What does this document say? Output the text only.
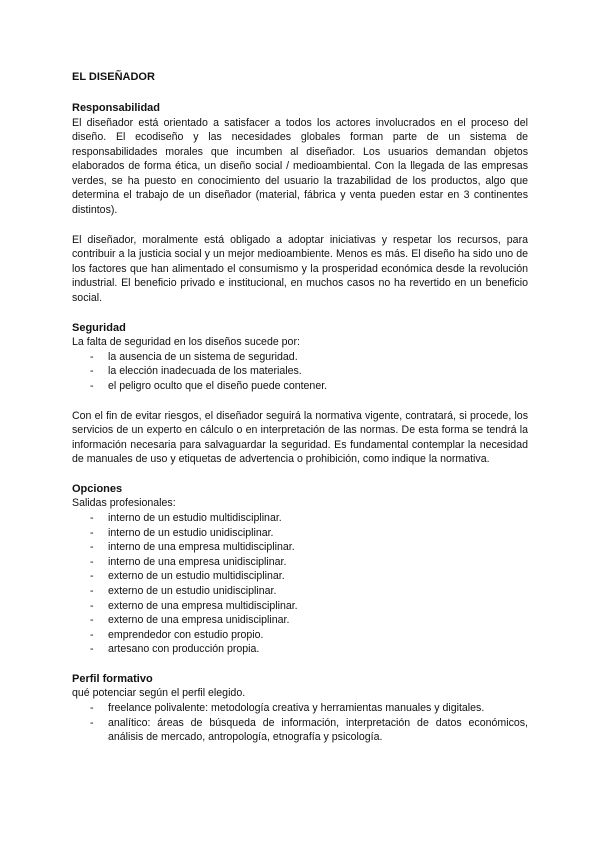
EL DISEÑADOR

Responsabilidad

El diseñador está orientado a satisfacer a todos los actores involucrados en el proceso del diseño. El ecodiseño y las necesidades globales forman parte de un sistema de responsabilidades morales que incumben al diseñador. Los usuarios demandan objetos elaborados de forma ética, un diseño social / medioambiental. Con la llegada de las empresas verdes, se ha puesto en conocimiento del usuario la trazabilidad de los productos, algo que determina el trabajo de un diseñador (material, fábrica y venta pueden estar en 3 continentes distintos).

El diseñador, moralmente está obligado a adoptar iniciativas y respetar los recursos, para contribuir a la justicia social y un mejor medioambiente. Menos es más. El diseño ha sido uno de los factores que han alimentado el consumismo y la prosperidad económica desde la revolución industrial. El beneficio privado e institucional, en muchos casos no ha revertido en un beneficio social.

Seguridad

La falta de seguridad en los diseños sucede por:

- la ausencia de un sistema de seguridad.
- la elección inadecuada de los materiales.
- el peligro oculto que el diseño puede contener.

Con el fin de evitar riesgos, el diseñador seguirá la normativa vigente, contratará, si procede, los servicios de un experto en cálculo o en interpretación de las normas. De esta forma se tendrá la información necesaria para salvaguardar la seguridad. Es fundamental contemplar la necesidad de manuales de uso y etiquetas de advertencia o prohibición, como indique la normativa.

Opciones

Salidas profesionales:

- interno de un estudio multidisciplinar.
- interno de un estudio unidisciplinar.
- interno de una empresa multidisciplinar.
- interno de una empresa unidisciplinar.
- externo de un estudio multidisciplinar.
- externo de un estudio unidisciplinar.
- externo de una empresa multidisciplinar.
- externo de una empresa unidisciplinar.
- emprendedor con estudio propio.
- artesano con producción propia.

Perfil formativo

qué potenciar según el perfil elegido.

- freelance polivalente: metodología creativa y herramientas manuales y digitales.
- analítico: áreas de búsqueda de información, interpretación de datos económicos, análisis de mercado, antropología, etnografía y psicología.
